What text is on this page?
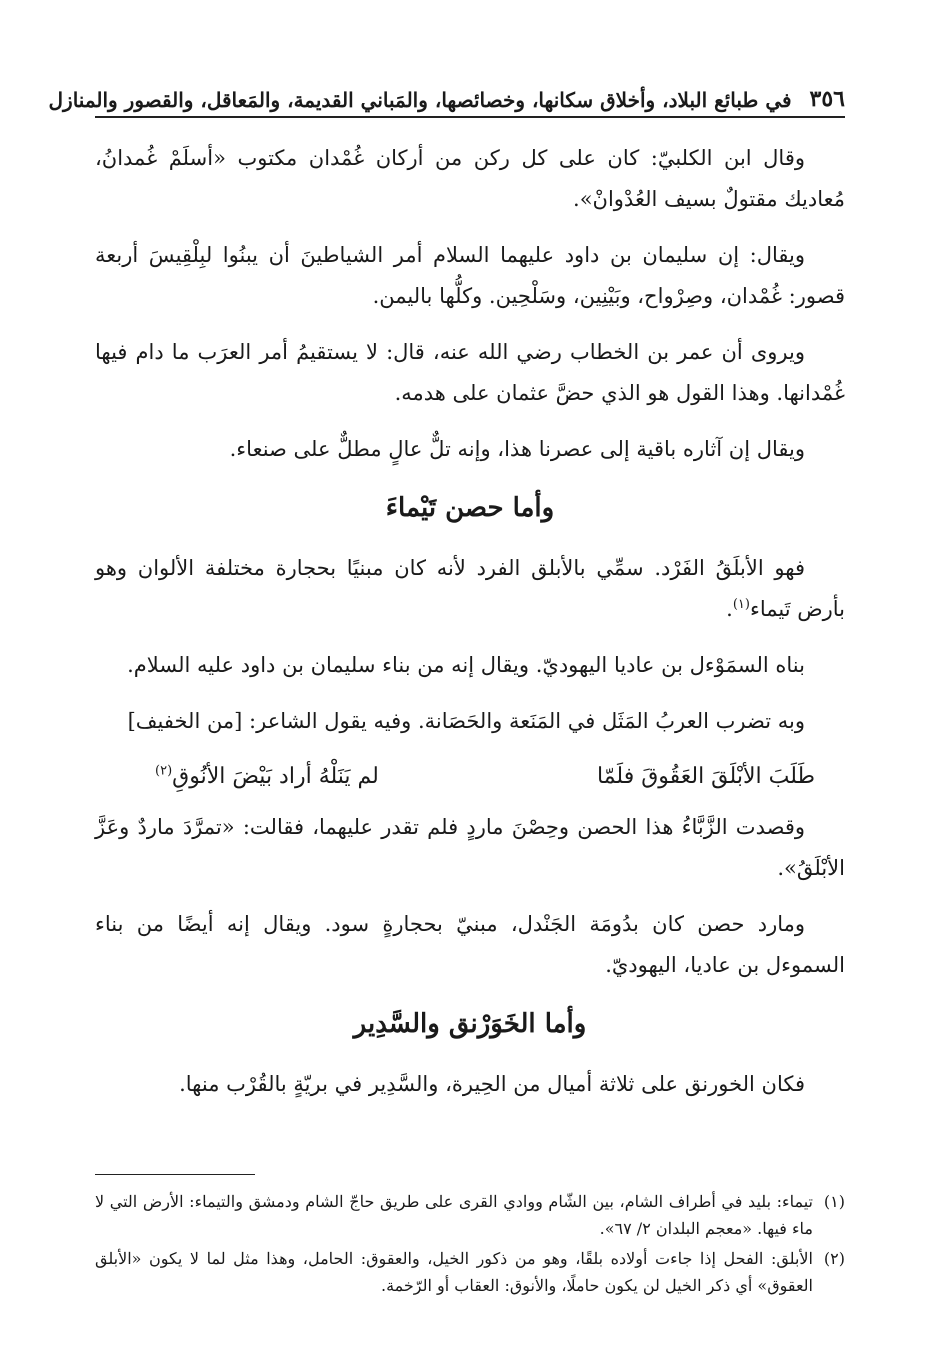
٣٥٦
في طبائع البلاد، وأخلاق سكانها، وخصائصها، والمَباني القديمة، والمَعاقل، والقصور والمنازل

وقال ابن الكلبيّ: كان على كل ركن من أركان غُمْدان مكتوب «أسلَمْ غُمدانُ، مُعاديك مقتولٌ بسيف العُدْوانْ».

ويقال: إن سليمان بن داود عليهما السلام أمر الشياطينَ أن يبنُوا لبِلْقِيسَ أربعة قصور: غُمْدان، وصِرْواح، وبَيْنِين، وسَلْحِين. وكلُّها باليمن.

ويروى أن عمر بن الخطاب رضي الله عنه، قال: لا يستقيمُ أمر العرَب ما دام فيها غُمْدانها. وهذا القول هو الذي حضَّ عثمان على هدمه.

ويقال إن آثاره باقية إلى عصرنا هذا، وإنه تلٌّ عالٍ مطلٌّ على صنعاء.

وأما حصن تَيْماءَ

فهو الأبلَقُ الفَرْد. سمِّي بالأبلق الفرد لأنه كان مبنيًا بحجارة مختلفة الألوان وهو بأرض تَيماء$^{(١)}$.

بناه السمَوْءل بن عاديا اليهوديّ. ويقال إنه من بناء سليمان بن داود عليه السلام.

وبه تضرب العربُ المَثَل في المَنَعة والحَصَانة. وفيه يقول الشاعر: [من الخفيف]

طَلَبَ الأبْلَقَ العَقُوقَ فلَمّا
لم يَنَلْهُ أراد بَيْضَ الأنُوقِ$^{(٢)}$

وقصدت الزَّبَّاءُ هذا الحصن وحِصْنَ ماردٍ فلم تقدر عليهما، فقالت: «تمرَّدَ ماردٌ وعَزَّ الأبْلَقُ».

ومارد حصن كان بدُومَة الجَنْدل، مبنيّ بحجارةٍ سود. ويقال إنه أيضًا من بناء السموءل بن عاديا، اليهوديّ.

وأما الخَوَرْنق والسَّدِير

فكان الخورنق على ثلاثة أميال من الحِيرة، والسَّدِير في بريّةٍ بالقُرْب منها.

(١)
تيماء: بليد في أطراف الشام، بين الشّام ووادي القرى على طريق حاجّ الشام ودمشق والتيماء: الأرض التي لا ماء فيها. «معجم البلدان ٢/ ٦٧».
(٢)
الأبلق: الفحل إذا جاءت أولاده بلقًا، وهو من ذكور الخيل، والعقوق: الحامل، وهذا مثل لما لا يكون «الأبلق العقوق» أي ذكر الخيل لن يكون حاملًا، والأنوق: العقاب أو الرّخمة.
